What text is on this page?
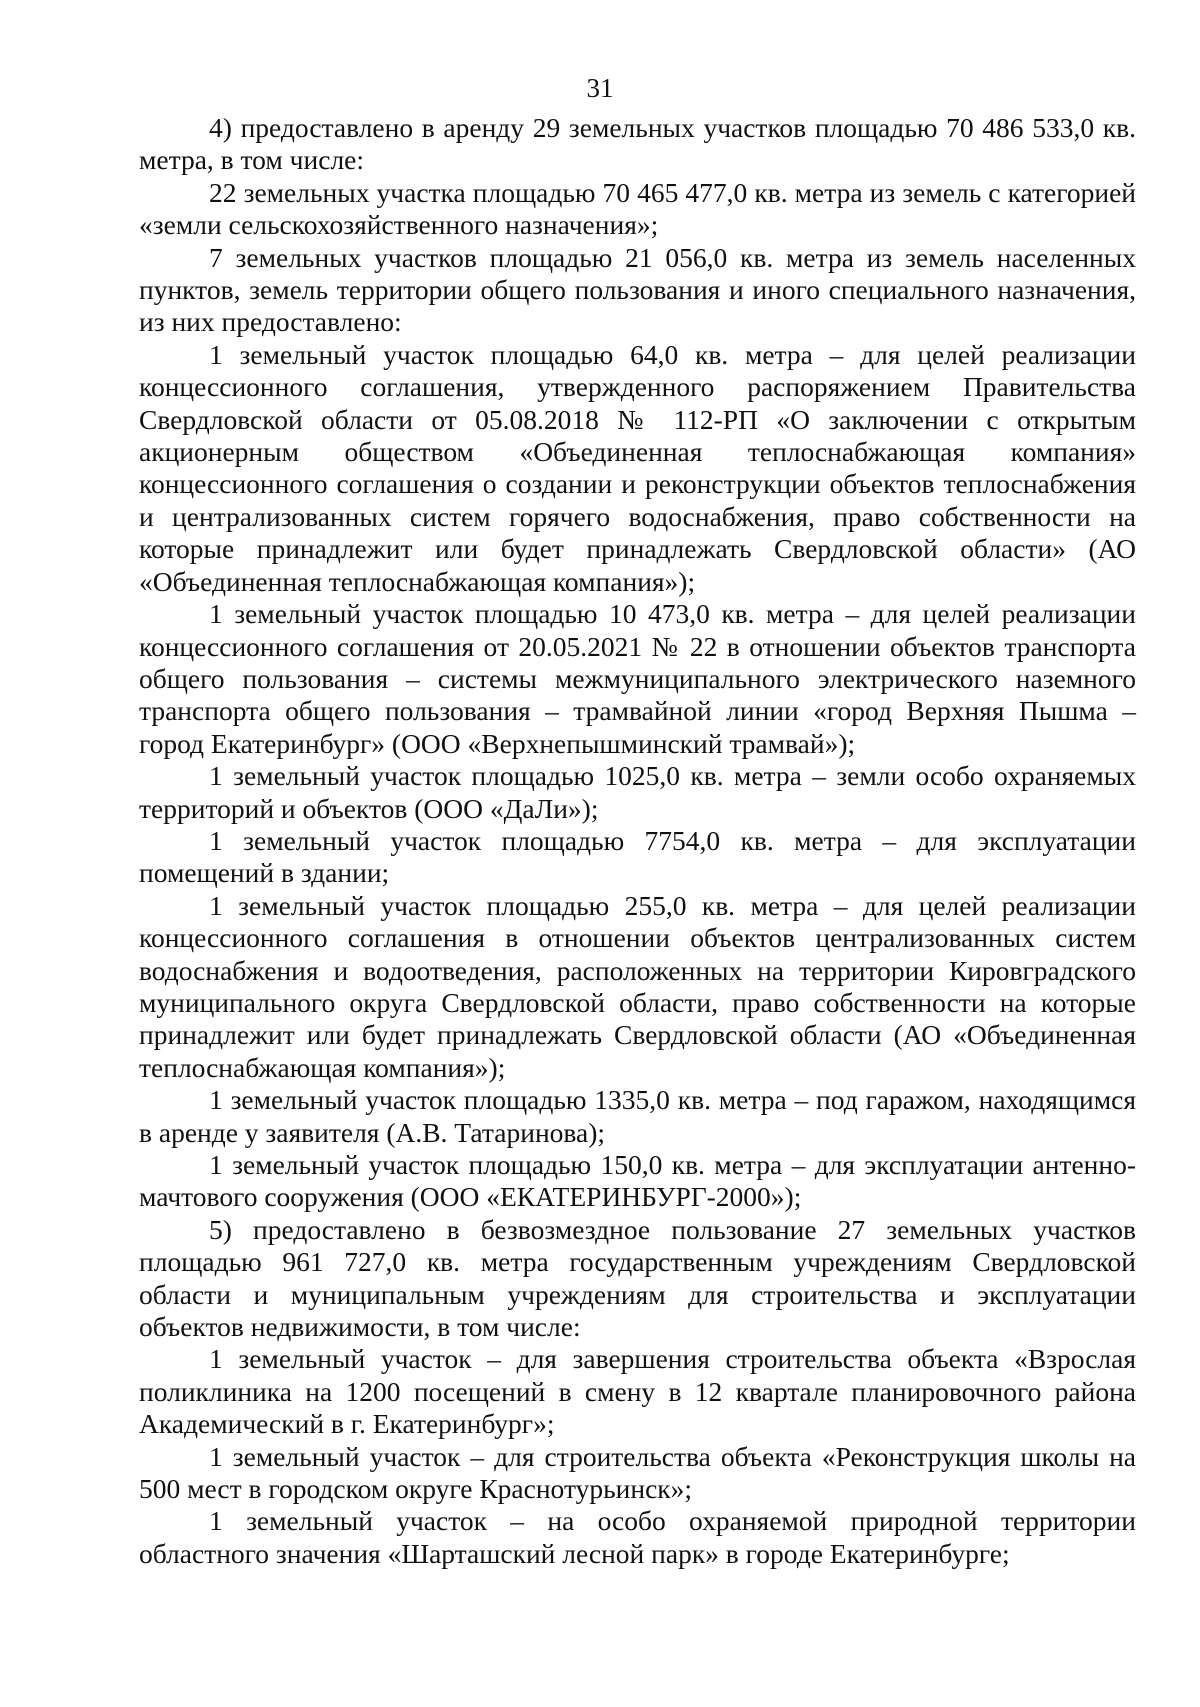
31

4) предоставлено в аренду 29 земельных участков площадью 70 486 533,0 кв. метра, в том числе:

22 земельных участка площадью 70 465 477,0 кв. метра из земель с категорией «земли сельскохозяйственного назначения»;

7 земельных участков площадью 21 056,0 кв. метра из земель населенных пунктов, земель территории общего пользования и иного специального назначения, из них предоставлено:

1 земельный участок площадью 64,0 кв. метра – для целей реализации концессионного соглашения, утвержденного распоряжением Правительства Свердловской области от 05.08.2018 № 112-РП «О заключении с открытым акционерным обществом «Объединенная теплоснабжающая компания» концессионного соглашения о создании и реконструкции объектов теплоснабжения и централизованных систем горячего водоснабжения, право собственности на которые принадлежит или будет принадлежать Свердловской области» (АО «Объединенная теплоснабжающая компания»);

1 земельный участок площадью 10 473,0 кв. метра – для целей реализации концессионного соглашения от 20.05.2021 № 22 в отношении объектов транспорта общего пользования – системы межмуниципального электрического наземного транспорта общего пользования – трамвайной линии «город Верхняя Пышма – город Екатеринбург» (ООО «Верхнепышминский трамвай»);

1 земельный участок площадью 1025,0 кв. метра – земли особо охраняемых территорий и объектов (ООО «ДаЛи»);

1 земельный участок площадью 7754,0 кв. метра – для эксплуатации помещений в здании;

1 земельный участок площадью 255,0 кв. метра – для целей реализации концессионного соглашения в отношении объектов централизованных систем водоснабжения и водоотведения, расположенных на территории Кировградского муниципального округа Свердловской области, право собственности на которые принадлежит или будет принадлежать Свердловской области (АО «Объединенная теплоснабжающая компания»);

1 земельный участок площадью 1335,0 кв. метра – под гаражом, находящимся в аренде у заявителя (А.В. Татаринова);

1 земельный участок площадью 150,0 кв. метра – для эксплуатации антенно-мачтового сооружения (ООО «ЕКАТЕРИНБУРГ-2000»);

5) предоставлено в безвозмездное пользование 27 земельных участков площадью 961 727,0 кв. метра государственным учреждениям Свердловской области и муниципальным учреждениям для строительства и эксплуатации объектов недвижимости, в том числе:

1 земельный участок – для завершения строительства объекта «Взрослая поликлиника на 1200 посещений в смену в 12 квартале планировочного района Академический в г. Екатеринбург»;

1 земельный участок – для строительства объекта «Реконструкция школы на 500 мест в городском округе Краснотурьинск»;

1 земельный участок – на особо охраняемой природной территории областного значения «Шарташский лесной парк» в городе Екатеринбурге;
